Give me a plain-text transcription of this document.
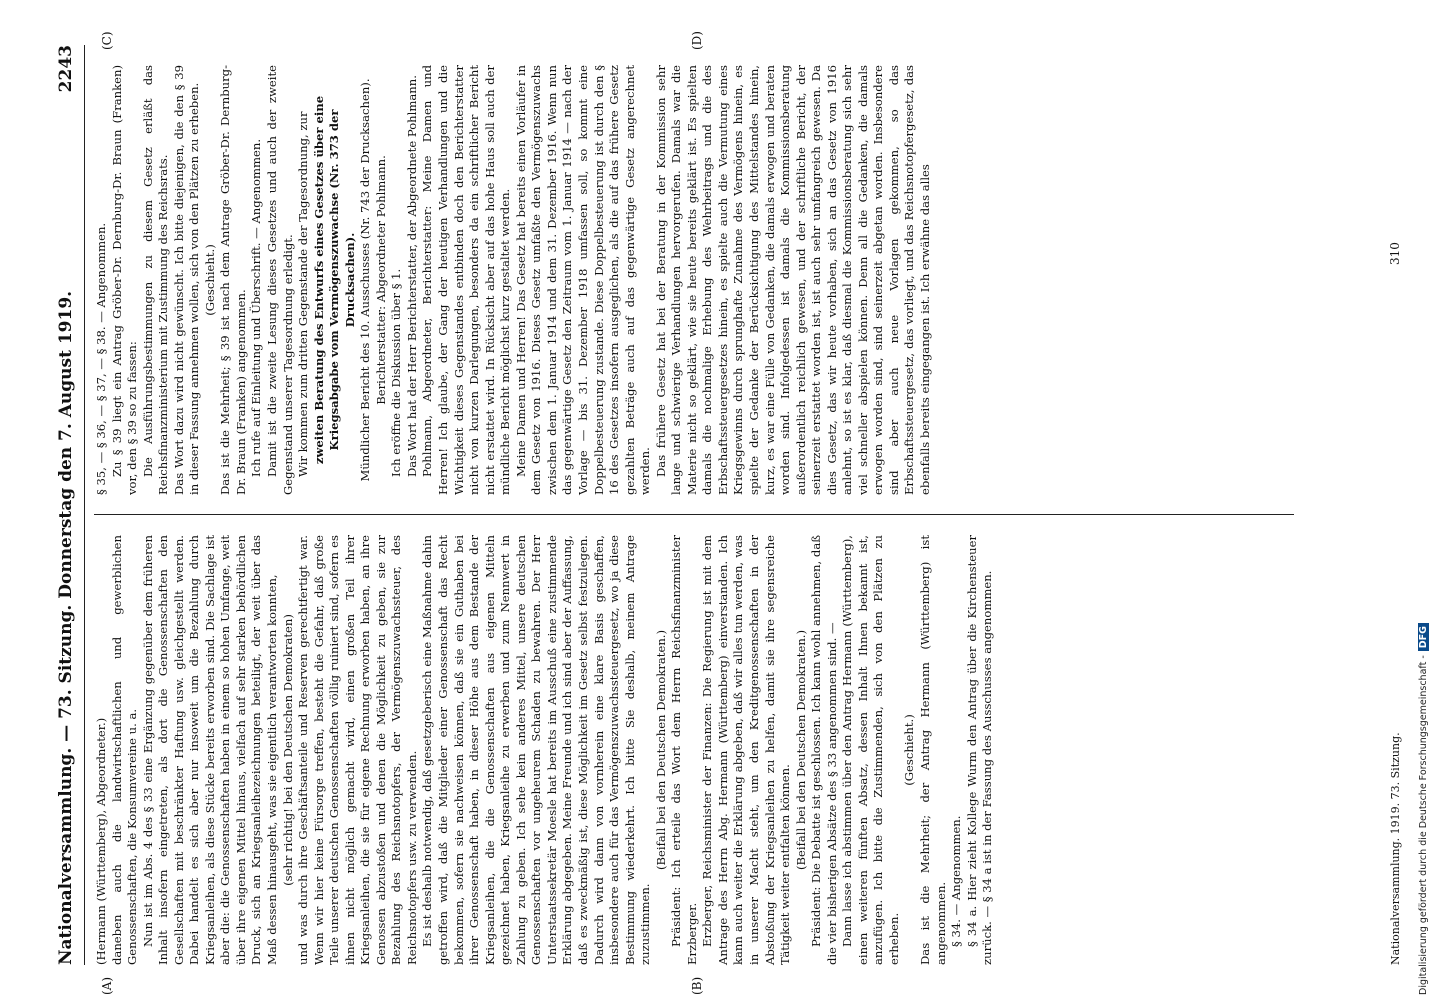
Nationalversammlung. — 73. Sitzung. Donnerstag den 7. August 1919.
2243
(A)	(B)
(C)	(D)

(Hermann (Württemberg), Abgeordneter.) daneben auch die landwirtschaftlichen und gewerblichen Genossenschaften, die Konsumvereine u. a. Nun ist im Abs. 4 des § 33 eine Ergänzung gegenüber dem früheren Inhalt insofern eingetreten, als dort die Genossenschaften den Gesellschaften mit beschränkter Haftung usw. gleichgestellt werden. Dabei handelt es sich aber nur insoweit um die Bezahlung durch Kriegsanleihen, als diese Stücke bereits erworben sind. Die Sachlage ist aber die: die Genossenschaften haben in einem so hohen Umfange, weit über ihre eigenen Mittel hinaus, vielfach auf sehr starken behördlichen Druck, sich an Kriegsanleihezeichnungen beteiligt, der weit über das Maß dessen hinausgeht, was sie eigentlich verantworten konnten, (sehr richtig! bei den Deutschen Demokraten) und was durch ihre Geschäftsanteile und Reserven gerechtfertigt war. Wenn wir hier keine Fürsorge treffen, besteht die Gefahr, daß große Teile unserer deutschen Genossenschaften völlig ruiniert sind, sofern es ihnen nicht möglich gemacht wird, einen großen Teil ihrer Kriegsanleihen, die sie für eigene Rechnung erworben haben, an ihre Genossen abzustoßen und denen die Möglichkeit zu geben, sie zur Bezahlung des Reichsnotopfers, der Vermögenszuwachssteuer, des Reichsnotopfers usw. zu verwenden. Es ist deshalb notwendig, daß gesetzgeberisch eine Maßnahme dahin getroffen wird, daß die Mitglieder einer Genossenschaft das Recht bekommen, sofern sie nachweisen können, daß sie ein Guthaben bei ihrer Genossenschaft haben, in dieser Höhe aus dem Bestande der Kriegsanleihen, die die Genossenschaften aus eigenen Mitteln gezeichnet haben, Kriegsanleihe zu erwerben und zum Nennwert in Zahlung zu geben. Ich sehe kein anderes Mittel, unsere deutschen Genossenschaften vor ungeheurem Schaden zu bewahren. Der Herr Unterstaatssekretär Moesle hat bereits im Ausschuß eine zustimmende Erklärung abgegeben. Meine Freunde und ich sind aber der Auffassung, daß es zweckmäßig ist, diese Möglichkeit im Gesetz selbst festzulegen. Dadurch wird dann von vornherein eine klare Basis geschaffen, insbesondere auch für das Vermögenszuwachssteuergesetz, wo ja diese Bestimmung wiederkehrt. Ich bitte Sie deshalb, meinem Antrage zuzustimmen.

(Beifall bei den Deutschen Demokraten.) Präsident: Ich erteile das Wort dem Herrn Reichsfinanzminister Erzberger. Erzberger, Reichsminister der Finanzen: Die Regierung ist mit dem Antrage des Herrn Abg. Hermann (Württemberg) einverstanden. Ich kann auch weiter die Erklärung abgeben, daß wir alles tun werden, was in unserer Macht steht, um den Kreditgenossenschaften in der Abstoßung der Kriegsanleihen zu helfen, damit sie ihre segensreiche Tätigkeit weiter entfalten können. (Beifall bei den Deutschen Demokraten.) Präsident: Die Debatte ist geschlossen. Ich kann wohl annehmen, daß die vier bisherigen Absätze des § 33 angenommen sind. — Dann lasse ich abstimmen über den Antrag Hermann (Württemberg), einen weiteren fünften Absatz, dessen Inhalt Ihnen bekannt ist, anzufügen. Ich bitte die Zustimmenden, sich von den Plätzen zu erheben.

(Geschieht.) Das ist die Mehrheit; der Antrag Hermann (Württemberg) ist angenommen. § 34. — Angenommen. § 34 a. Hier zieht Kollege Wurm den Antrag über die Kirchensteuer zurück. — § 34 a ist in der Fassung des Ausschusses angenommen.

§ 35, — § 36, — § 37, — § 38. — Angenommen. Zu § 39 liegt ein Antrag Gröber-Dr. Dernburg-Dr. Braun (Franken) vor, den § 39 so zu fassen: Die Ausführungsbestimmungen zu diesem Gesetz erläßt das Reichsfinanzministerium mit Zustimmung des Reichsrats. Das Wort dazu wird nicht gewünscht. Ich bitte diejenigen, die den § 39 in dieser Fassung annehmen wollen, sich von den Plätzen zu erheben. (Geschieht.) Das ist die Mehrheit; § 39 ist nach dem Antrage Gröber-Dr. Dernburg-Dr. Braun (Franken) angenommen. Ich rufe auf Einleitung und Überschrift. — Angenommen. Damit ist die zweite Lesung dieses Gesetzes und auch der zweite Gegenstand unserer Tagesordnung erledigt. Wir kommen zum dritten Gegenstande der Tagesordnung, zur zweiten Beratung des Entwurfs eines Gesetzes über eine Kriegsabgabe vom Vermögenszuwachse (Nr. 373 der Drucksachen). Mündlicher Bericht des 10. Ausschusses (Nr. 743 der Drucksachen). Berichterstatter: Abgeordneter Pohlmann. Ich eröffne die Diskussion über § 1. Das Wort hat der Herr Berichterstatter, der Abgeordnete Pohlmann. Pohlmann, Abgeordneter, Berichterstatter: Meine Damen und Herren! Ich glaube, der Gang der heutigen Verhandlungen und die Wichtigkeit dieses Gegenstandes entbinden doch den Berichterstatter nicht von kurzen Darlegungen, besonders da ein schriftlicher Bericht nicht erstattet wird. In Rücksicht aber auf das hohe Haus soll auch der mündliche Bericht möglichst kurz gestaltet werden. Meine Damen und Herren! Das Gesetz hat bereits einen Vorläufer in dem Gesetz von 1916. Dieses Gesetz umfaßte den Vermögenszuwachs zwischen dem 1. Januar 1914 und dem 31. Dezember 1916. Wenn nun das gegenwärtige Gesetz den Zeitraum vom 1. Januar 1914 — nach der Vorlage — bis 31. Dezember 1918 umfassen soll, so kommt eine Doppelbesteuerung zustande. Diese Doppelbesteuerung ist durch den § 16 des Gesetzes insofern ausgeglichen, als die auf das frühere Gesetz gezahlten Beträge auch auf das gegenwärtige Gesetz angerechnet werden. Das frühere Gesetz hat bei der Beratung in der Kommission sehr lange und schwierige Verhandlungen hervorgerufen. Damals war die Materie nicht so geklärt, wie sie heute bereits geklärt ist. Es spielten damals die nochmalige Erhebung des Wehrbeitrags und die des Erbschaftssteuergesetzes hinein, es spielte auch die Vermutung eines Kriegsgewinns durch sprunghafte Zunahme des Vermögens hinein, es spielte der Gedanke der Berücksichtigung des Mittelstandes hinein, kurz, es war eine Fülle von Gedanken, die damals erwogen und beraten worden sind. Infolgedessen ist damals die Kommissionsberatung außerordentlich reichlich gewesen, und der schriftliche Bericht, der seinerzeit erstattet worden ist, ist auch sehr umfangreich gewesen. Da dies Gesetz, das wir heute vorhaben, sich an das Gesetz von 1916 anlehnt, so ist es klar, daß diesmal die Kommissionsberatung sich sehr viel schneller abspielen können. Denn all die Gedanken, die damals erwogen worden sind, sind seinerzeit abgetan worden. Insbesondere sind aber auch neue Vorlagen gekommen, so das Erbschaftssteuergesetz, das vorliegt, und das Reichsnotopfergesetz, das ebenfalls bereits eingegangen ist. Ich erwähne das alles

Nationalversammlung. 1919. 73. Sitzung.
310
Digitalisierung gefördert durch die Deutsche Forschungsgemeinschaft -DFG
